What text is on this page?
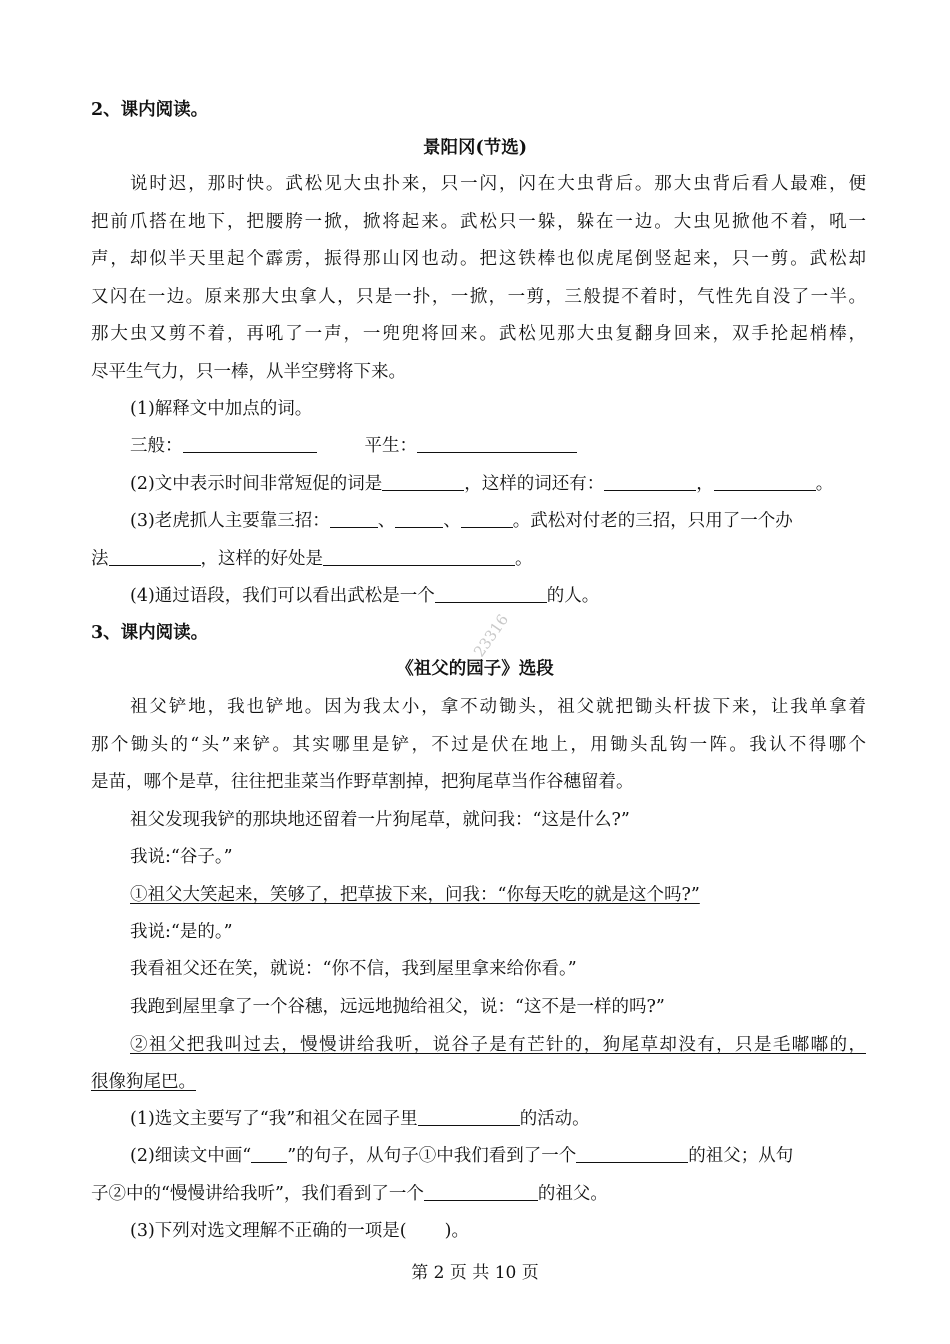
2、课内阅读。
景阳冈(节选)
说时迟，那时快。武松见大虫扑来，只一闪，闪在大虫背后。那大虫背后看人最难，便
把前爪搭在地下，把腰胯一掀，掀将起来。武松只一躲，躲在一边。大虫见掀他不着，吼一
声，却似半天里起个霹雳，振得那山冈也动。把这铁棒也似虎尾倒竖起来，只一剪。武松却
又闪在一边。原来那大虫拿人，只是一扑，一掀，一剪，三般提不着时，气性先自没了一半。
那大虫又剪不着，再吼了一声，一兜兜将回来。武松见那大虫复翻身回来，双手抡起梢棒，
尽平生气力，只一棒，从半空劈将下来。
(1)解释文中加点的词。
三般：	平生：
(2)文中表示时间非常短促的词是	，这样的词还有：	，	。
(3)老虎抓人主要靠三招：	、	、	。武松对付老的三招，只用了一个办
法	，这样的好处是	。
(4)通过语段，我们可以看出武松是一个	的人。
3、课内阅读。
《祖父的园子》选段
祖父铲地，我也铲地。因为我太小，拿不动锄头，祖父就把锄头杆拔下来，让我单拿着
那个锄头的“头”来铲。其实哪里是铲，不过是伏在地上，用锄头乱钩一阵。我认不得哪个
是苗，哪个是草，往往把韭菜当作野草割掉，把狗尾草当作谷穗留着。
祖父发现我铲的那块地还留着一片狗尾草，就问我：“这是什么?”
我说:“谷子。”
①祖父大笑起来，笑够了，把草拔下来，问我：“你每天吃的就是这个吗?”
我说:“是的。”
我看祖父还在笑，就说：“你不信，我到屋里拿来给你看。”
我跑到屋里拿了一个谷穗，远远地抛给祖父，说：“这不是一样的吗?”
②祖父把我叫过去，慢慢讲给我听，说谷子是有芒针的，狗尾草却没有，只是毛嘟嘟的，
很像狗尾巴。
(1)选文主要写了“我”和祖父在园子里	的活动。
(2)细读文中画“ ”的句子，从句子①中我们看到了一个	的祖父；从句
子②中的“慢慢讲给我听”，我们看到了一个	的祖父。
(3)下列对选文理解不正确的一项是( )。
23316
第 2 页 共 10 页
